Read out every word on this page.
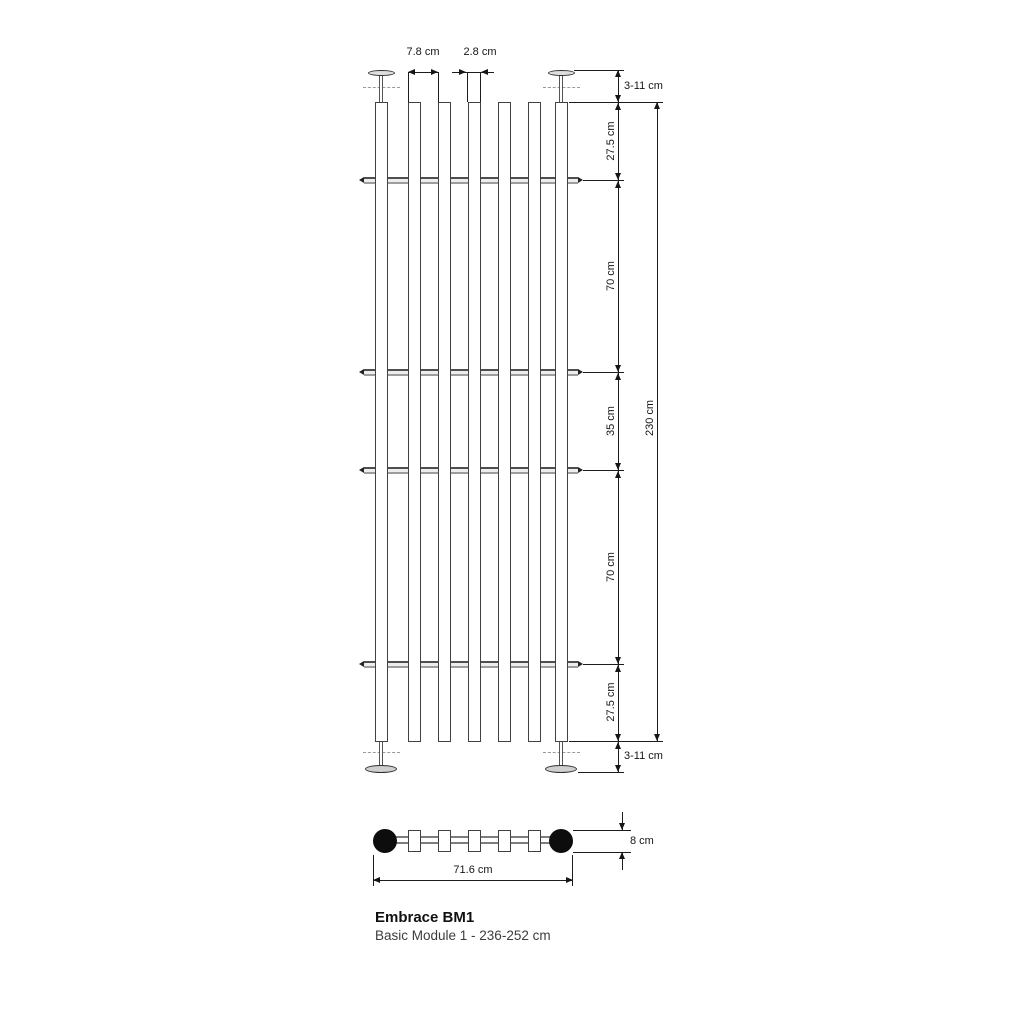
7.8 cm	2.8 cm
3-11 cm
27.5 cm
70 cm
35 cm
70 cm
27.5 cm
3-11 cm
230 cm
8 cm
71.6 cm
Embrace BM1
Basic Module 1 - 236-252 cm
